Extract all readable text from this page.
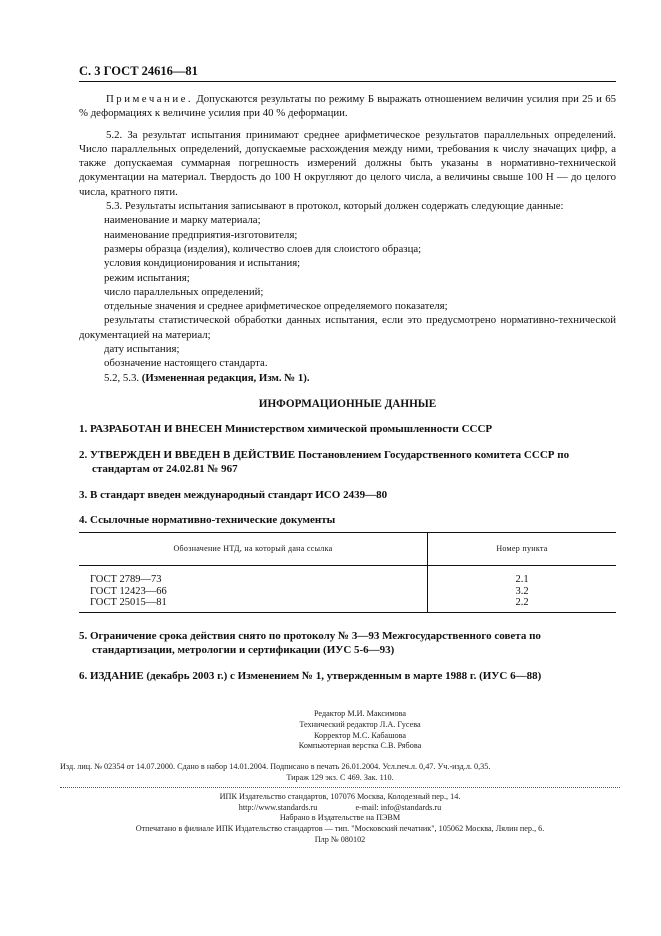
С. 3 ГОСТ 24616—81

Примечание. Допускаются результаты по режиму Б выражать отношением величин усилия при 25 и 65 % деформациях к величине усилия при 40 % деформации.

5.2. За результат испытания принимают среднее арифметическое результатов параллельных определений. Число параллельных определений, допускаемые расхождения между ними, требования к числу значащих цифр, а также допускаемая суммарная погрешность измерений должны быть указаны в нормативно-технической документации на материал. Твердость до 100 Н округляют до целого числа, а величины свыше 100 Н — до целого числа, кратного пяти.

5.3. Результаты испытания записывают в протокол, который должен содержать следующие данные:

наименование и марку материала;

наименование предприятия-изготовителя;

размеры образца (изделия), количество слоев для слоистого образца;

условия кондиционирования и испытания;

режим испытания;

число параллельных определений;

отдельные значения и среднее арифметическое определяемого показателя;

результаты статистической обработки данных испытания, если это предусмотрено нормативно-технической документацией на материал;

дату испытания;

обозначение настоящего стандарта.

5.2, 5.3. (Измененная редакция, Изм. № 1).

ИНФОРМАЦИОННЫЕ ДАННЫЕ

1. РАЗРАБОТАН И ВНЕСЕН Министерством химической промышленности СССР

2. УТВЕРЖДЕН И ВВЕДЕН В ДЕЙСТВИЕ Постановлением Государственного комитета СССР по
стандартам от 24.02.81 № 967

3. В стандарт введен международный стандарт ИСО 2439—80

4. Ссылочные нормативно-технические документы

Обозначение НТД, на который дана ссылка	Номер пункта
ГОСТ 2789—73	2.1
ГОСТ 12423—66	3.2
ГОСТ 25015—81	2.2

5. Ограничение срока действия снято по протоколу № 3—93 Межгосударственного совета по
стандартизации, метрологии и сертификации (ИУС 5-6—93)

6. ИЗДАНИЕ (декабрь 2003 г.) с Изменением № 1, утвержденным в марте 1988 г. (ИУС 6—88)

Редактор М.И. Максимова
Технический редактор Л.А. Гусева
Корректор М.С. Кабашова
Компьютерная верстка С.В. Рябова
Изд. лиц. № 02354 от 14.07.2000. Сдано в набор 14.01.2004. Подписано в печать 26.01.2004. Усл.печ.л. 0,47. Уч.-изд.л. 0,35.
Тираж 129 экз. С 469. Зак. 110.
ИПК Издательство стандартов, 107076 Москва, Колодезный пер., 14.
http://www.standards.ru	e-mail: info@standards.ru
Набрано в Издательстве на ПЭВМ
Отпечатано в филиале ИПК Издательство стандартов — тип. "Московский печатник", 105062 Москва, Лялин пер., 6.
Плр № 080102
